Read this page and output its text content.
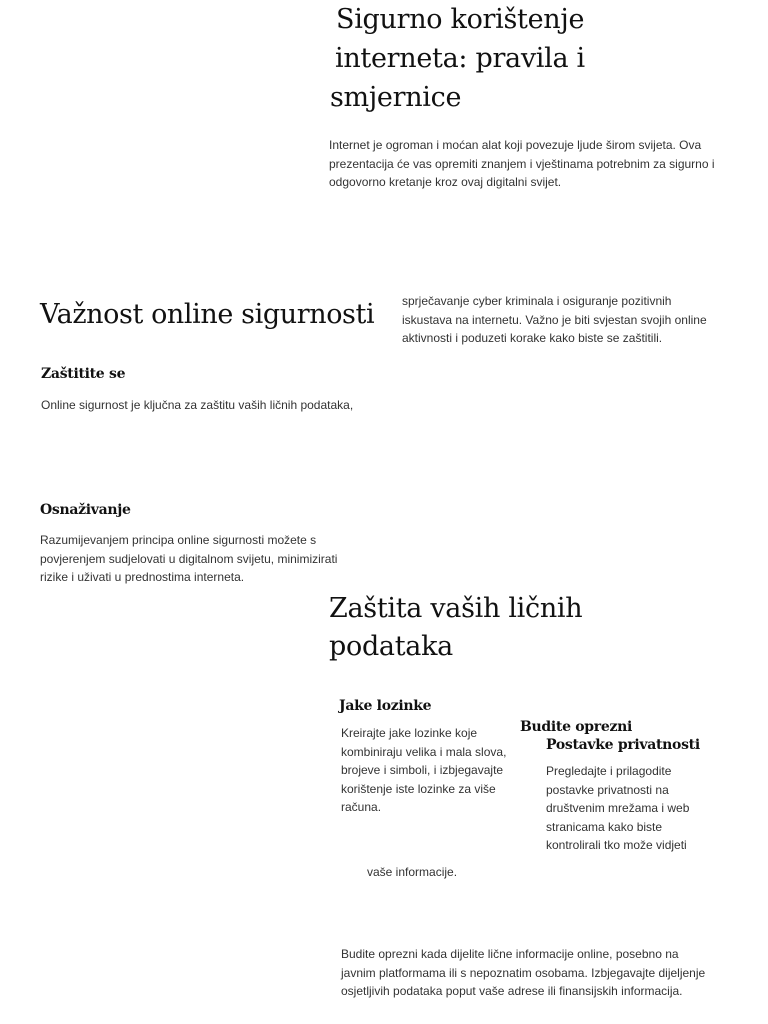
Sigurno korištenje
interneta: pravila i
smjernice
Internet je ogroman i moćan alat koji povezuje ljude širom svijeta. Ova
prezentacija će vas opremiti znanjem i vještinama potrebnim za sigurno i
odgovorno kretanje kroz ovaj digitalni svijet.
Važnost online sigurnosti sprječavanje cyber kriminala i osiguranje pozitivnih
iskustava na internetu. Važno je biti svjestan svojih online
aktivnosti i poduzeti korake kako biste se zaštitili.
Zaštitite se
Online sigurnost je ključna za zaštitu vaših ličnih podataka,
Osnaživanje
Razumijevanjem principa online sigurnosti možete s
povjerenjem sudjelovati u digitalnom svijetu, minimizirati
rizike i uživati u prednostima interneta.
Zaštita vaših ličnih
podataka
Jake lozinke
Kreirajte jake lozinke koje
kombiniraju velika i mala slova,
brojeve i simboli, i izbjegavajte
korištenje iste lozinke za više
računa.
Budite oprezni
Postavke privatnosti
Pregledajte i prilagodite
postavke privatnosti na
društvenim mrežama i web
stranicama kako biste
kontrolirali tko može vidjeti
vaše informacije.
Budite oprezni kada dijelite lične informacije online, posebno na
javnim platformama ili s nepoznatim osobama. Izbjegavajte dijeljenje
osjetljivih podataka poput vaše adrese ili finansijskih informacija.
